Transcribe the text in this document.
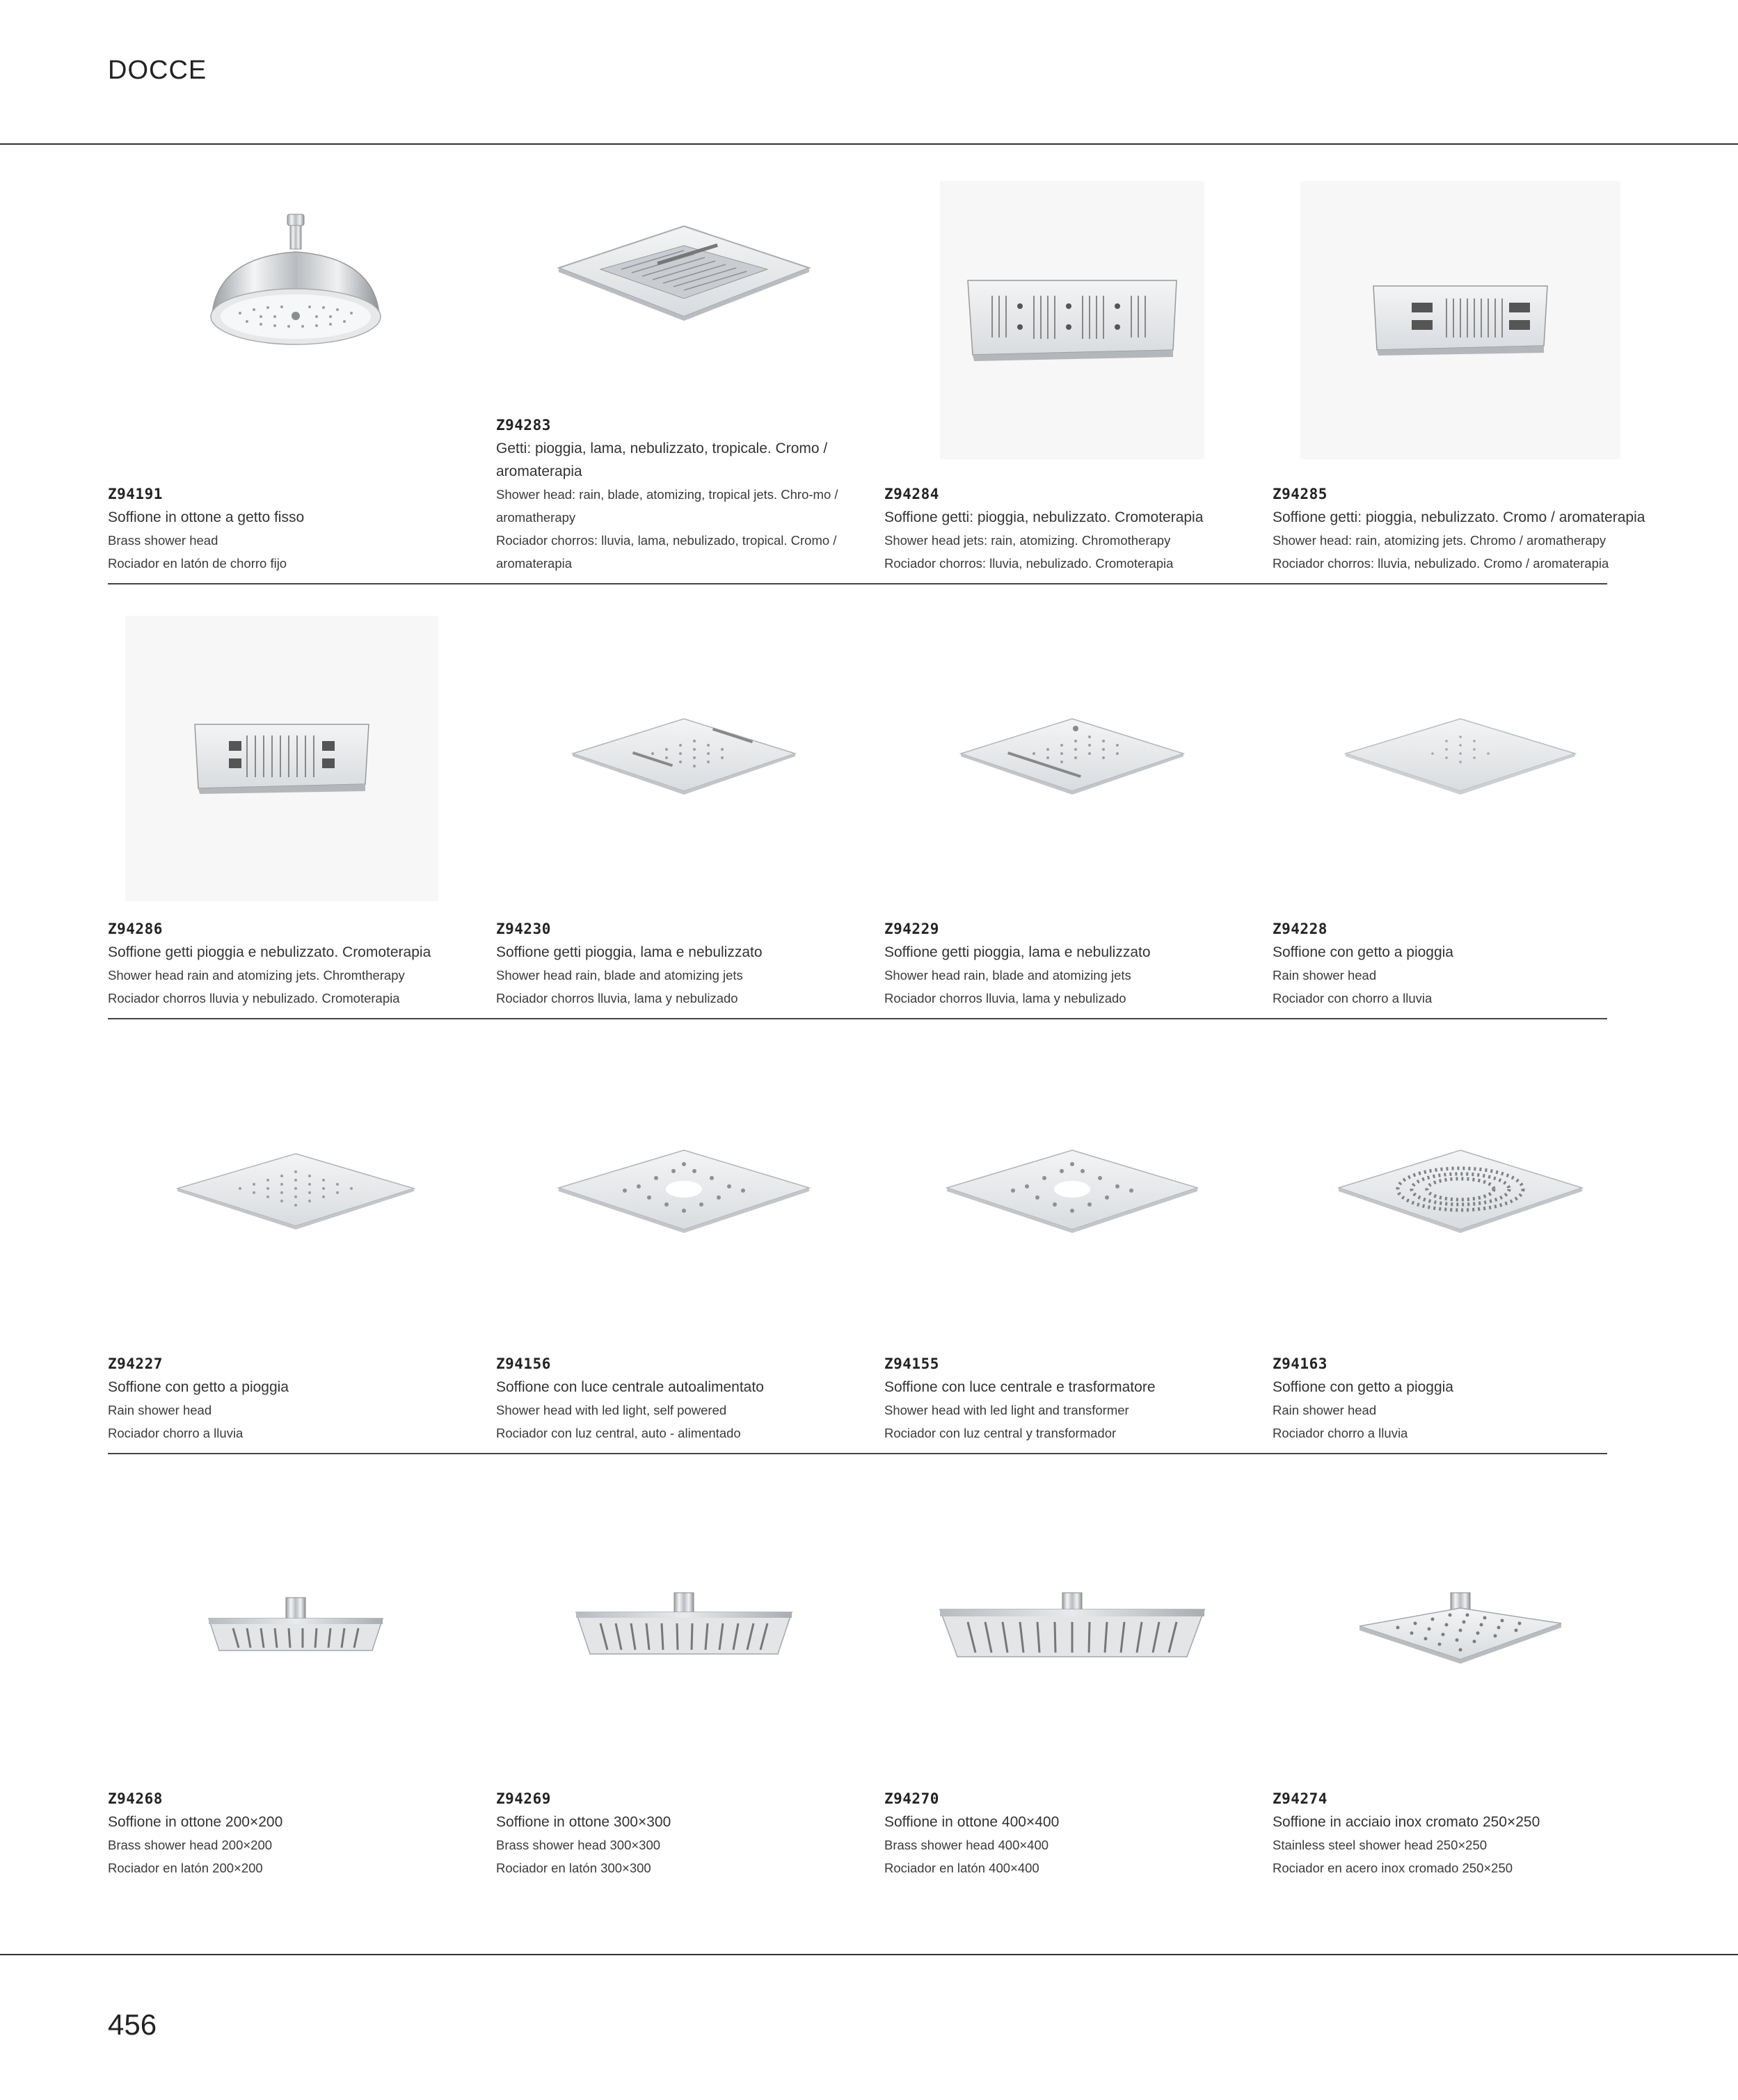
DOCCE
Z94191
Soffione in ottone a getto fisso
Brass shower head
Rociador en latón de chorro fijo
Z94283
Getti: pioggia, lama, nebulizzato, tropicale. Cromo / aromaterapia
Shower head: rain, blade, atomizing, tropical jets. Chro-mo / aromatherapy
Rociador chorros: lluvia, lama, nebulizado, tropical. Cromo / aromaterapia
Z94284
Soffione getti: pioggia, nebulizzato. Cromoterapia
Shower head jets: rain, atomizing. Chromotherapy
Rociador chorros: lluvia, nebulizado. Cromoterapia
Z94285
Soffione getti: pioggia, nebulizzato. Cromo / aromaterapia
Shower head: rain, atomizing jets. Chromo / aromatherapy
Rociador chorros: lluvia, nebulizado. Cromo / aromaterapia
Z94286
Soffione getti pioggia e nebulizzato. Cromoterapia
Shower head rain and atomizing jets. Chromtherapy
Rociador chorros lluvia y nebulizado. Cromoterapia
Z94230
Soffione getti pioggia, lama e nebulizzato
Shower head rain, blade and atomizing jets
Rociador chorros lluvia, lama y nebulizado
Z94229
Soffione getti pioggia, lama e nebulizzato
Shower head rain, blade and atomizing jets
Rociador chorros lluvia, lama y nebulizado
Z94228
Soffione con getto a pioggia
Rain shower head
Rociador con chorro a lluvia
Z94227
Soffione con getto a pioggia
Rain shower head
Rociador chorro a lluvia
Z94156
Soffione con luce centrale autoalimentato
Shower head with led light, self powered
Rociador con luz central, auto - alimentado
Z94155
Soffione con luce centrale e trasformatore
Shower head with led light and transformer
Rociador con luz central y transformador
Z94163
Soffione con getto a pioggia
Rain shower head
Rociador chorro a lluvia
Z94268
Soffione in ottone 200×200
Brass shower head 200×200
Rociador en latón 200×200
Z94269
Soffione in ottone 300×300
Brass shower head 300×300
Rociador en latón 300×300
Z94270
Soffione in ottone 400×400
Brass shower head 400×400
Rociador en latón 400×400
Z94274
Soffione in acciaio inox cromato 250×250
Stainless steel shower head 250×250
Rociador en acero inox cromado 250×250
456
